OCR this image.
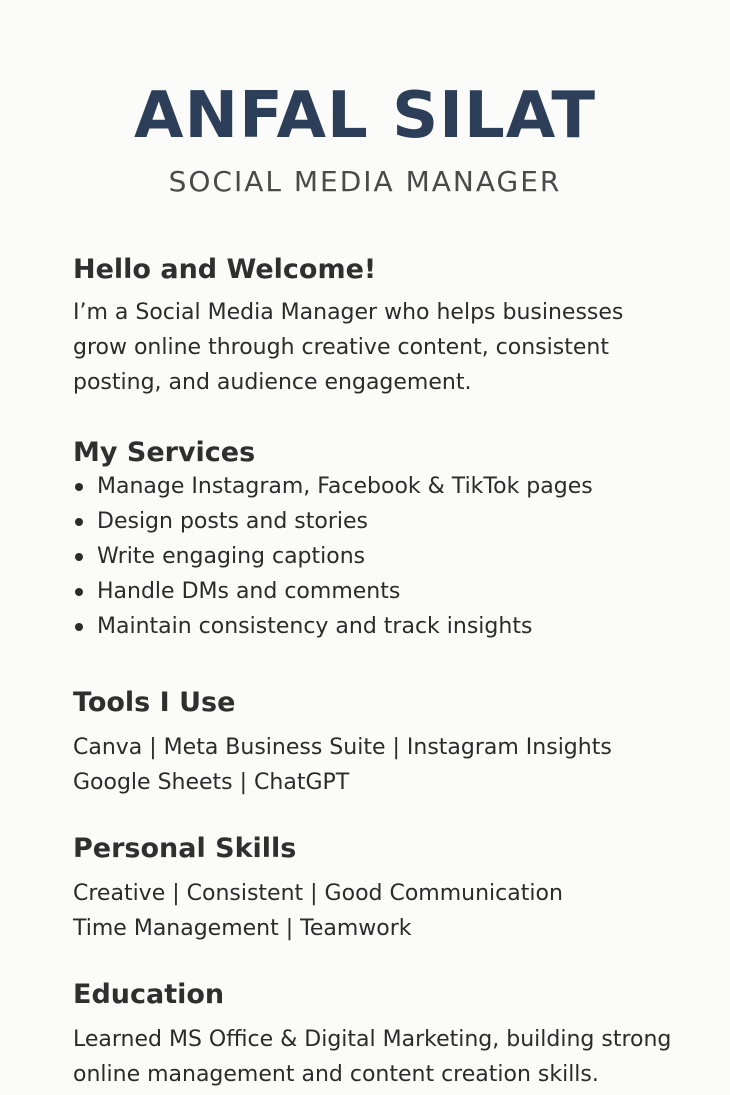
ANFAL SILAT
SOCIAL MEDIA MANAGER
Hello and Welcome!

I’m a Social Media Manager who helps businesses
grow online through creative content, consistent
posting, and audience engagement.

My Services
Manage Instagram, Facebook & TikTok pages
Design posts and stories
Write engaging captions
Handle DMs and comments
Maintain consistency and track insights
Tools I Use

Canva | Meta Business Suite | Instagram Insights
Google Sheets | ChatGPT

Personal Skills

Creative | Consistent | Good Communication
Time Management | Teamwork

Education

Learned MS Office & Digital Marketing, building strong
online management and content creation skills.
